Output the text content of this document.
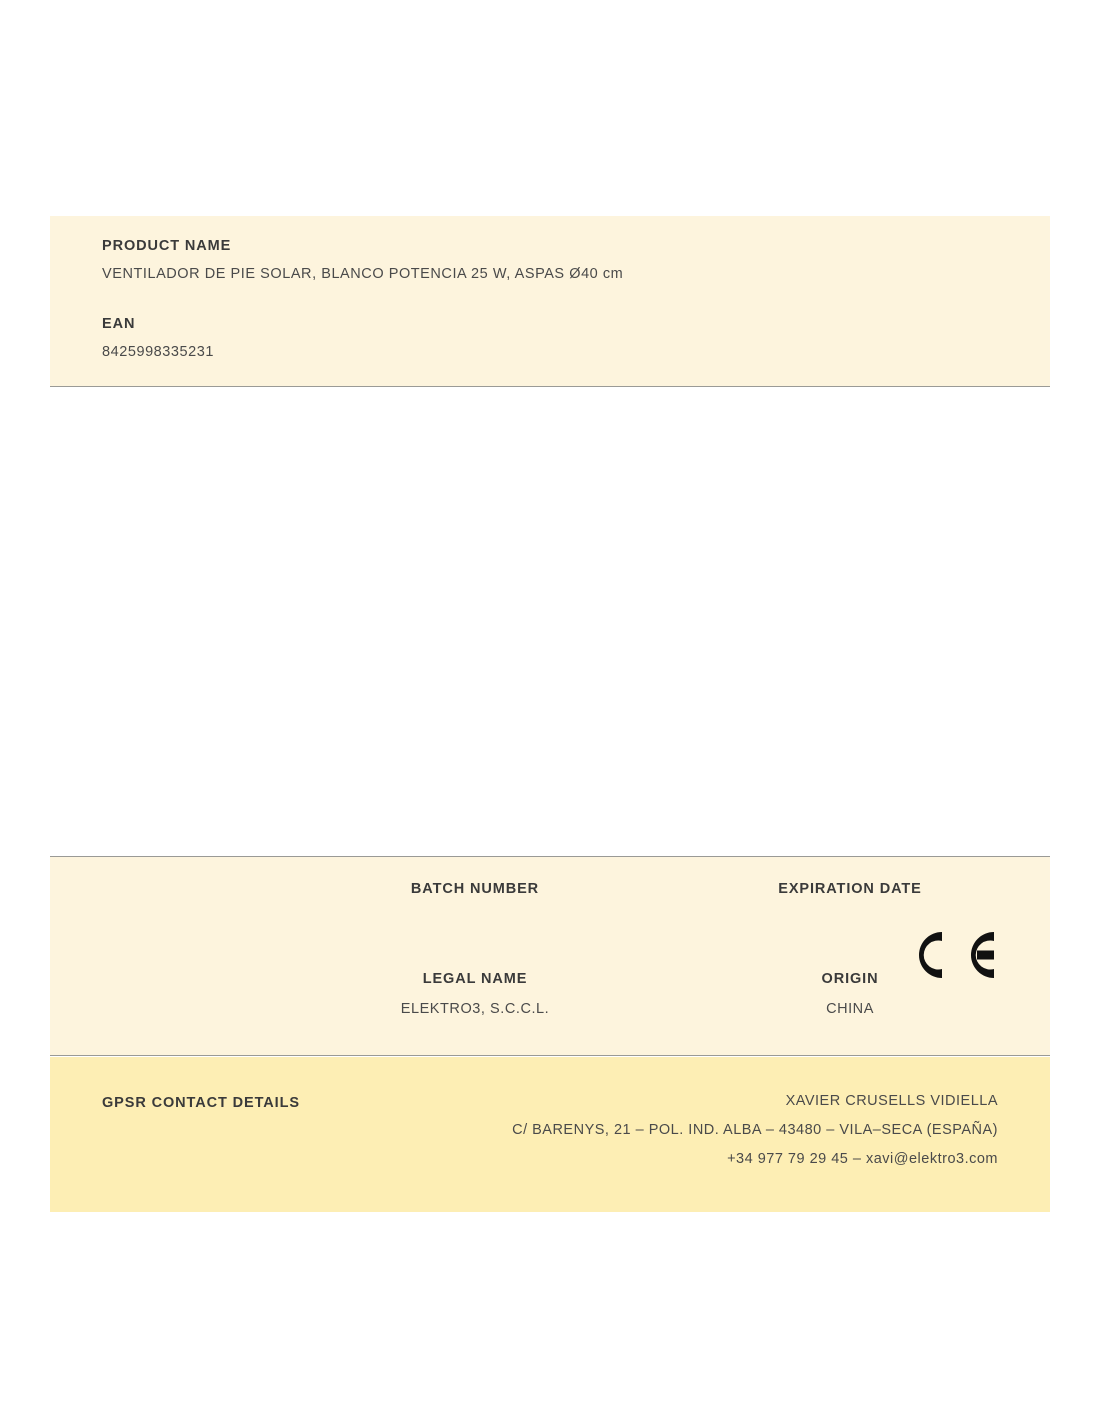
PRODUCT NAME
VENTILADOR DE PIE SOLAR, BLANCO POTENCIA 25 W, ASPAS Ø40 cm
EAN
8425998335231
BATCH NUMBER	EXPIRATION DATE
LEGAL NAME
ELEKTRO3, S.C.C.L.
ORIGIN
CHINA
GPSR CONTACT DETAILS	XAVIER CRUSELLS VIDIELLA
C/ BARENYS, 21 – POL. IND. ALBA – 43480 – VILA–SECA (ESPAÑA)
+34 977 79 29 45 – xavi@elektro3.com
